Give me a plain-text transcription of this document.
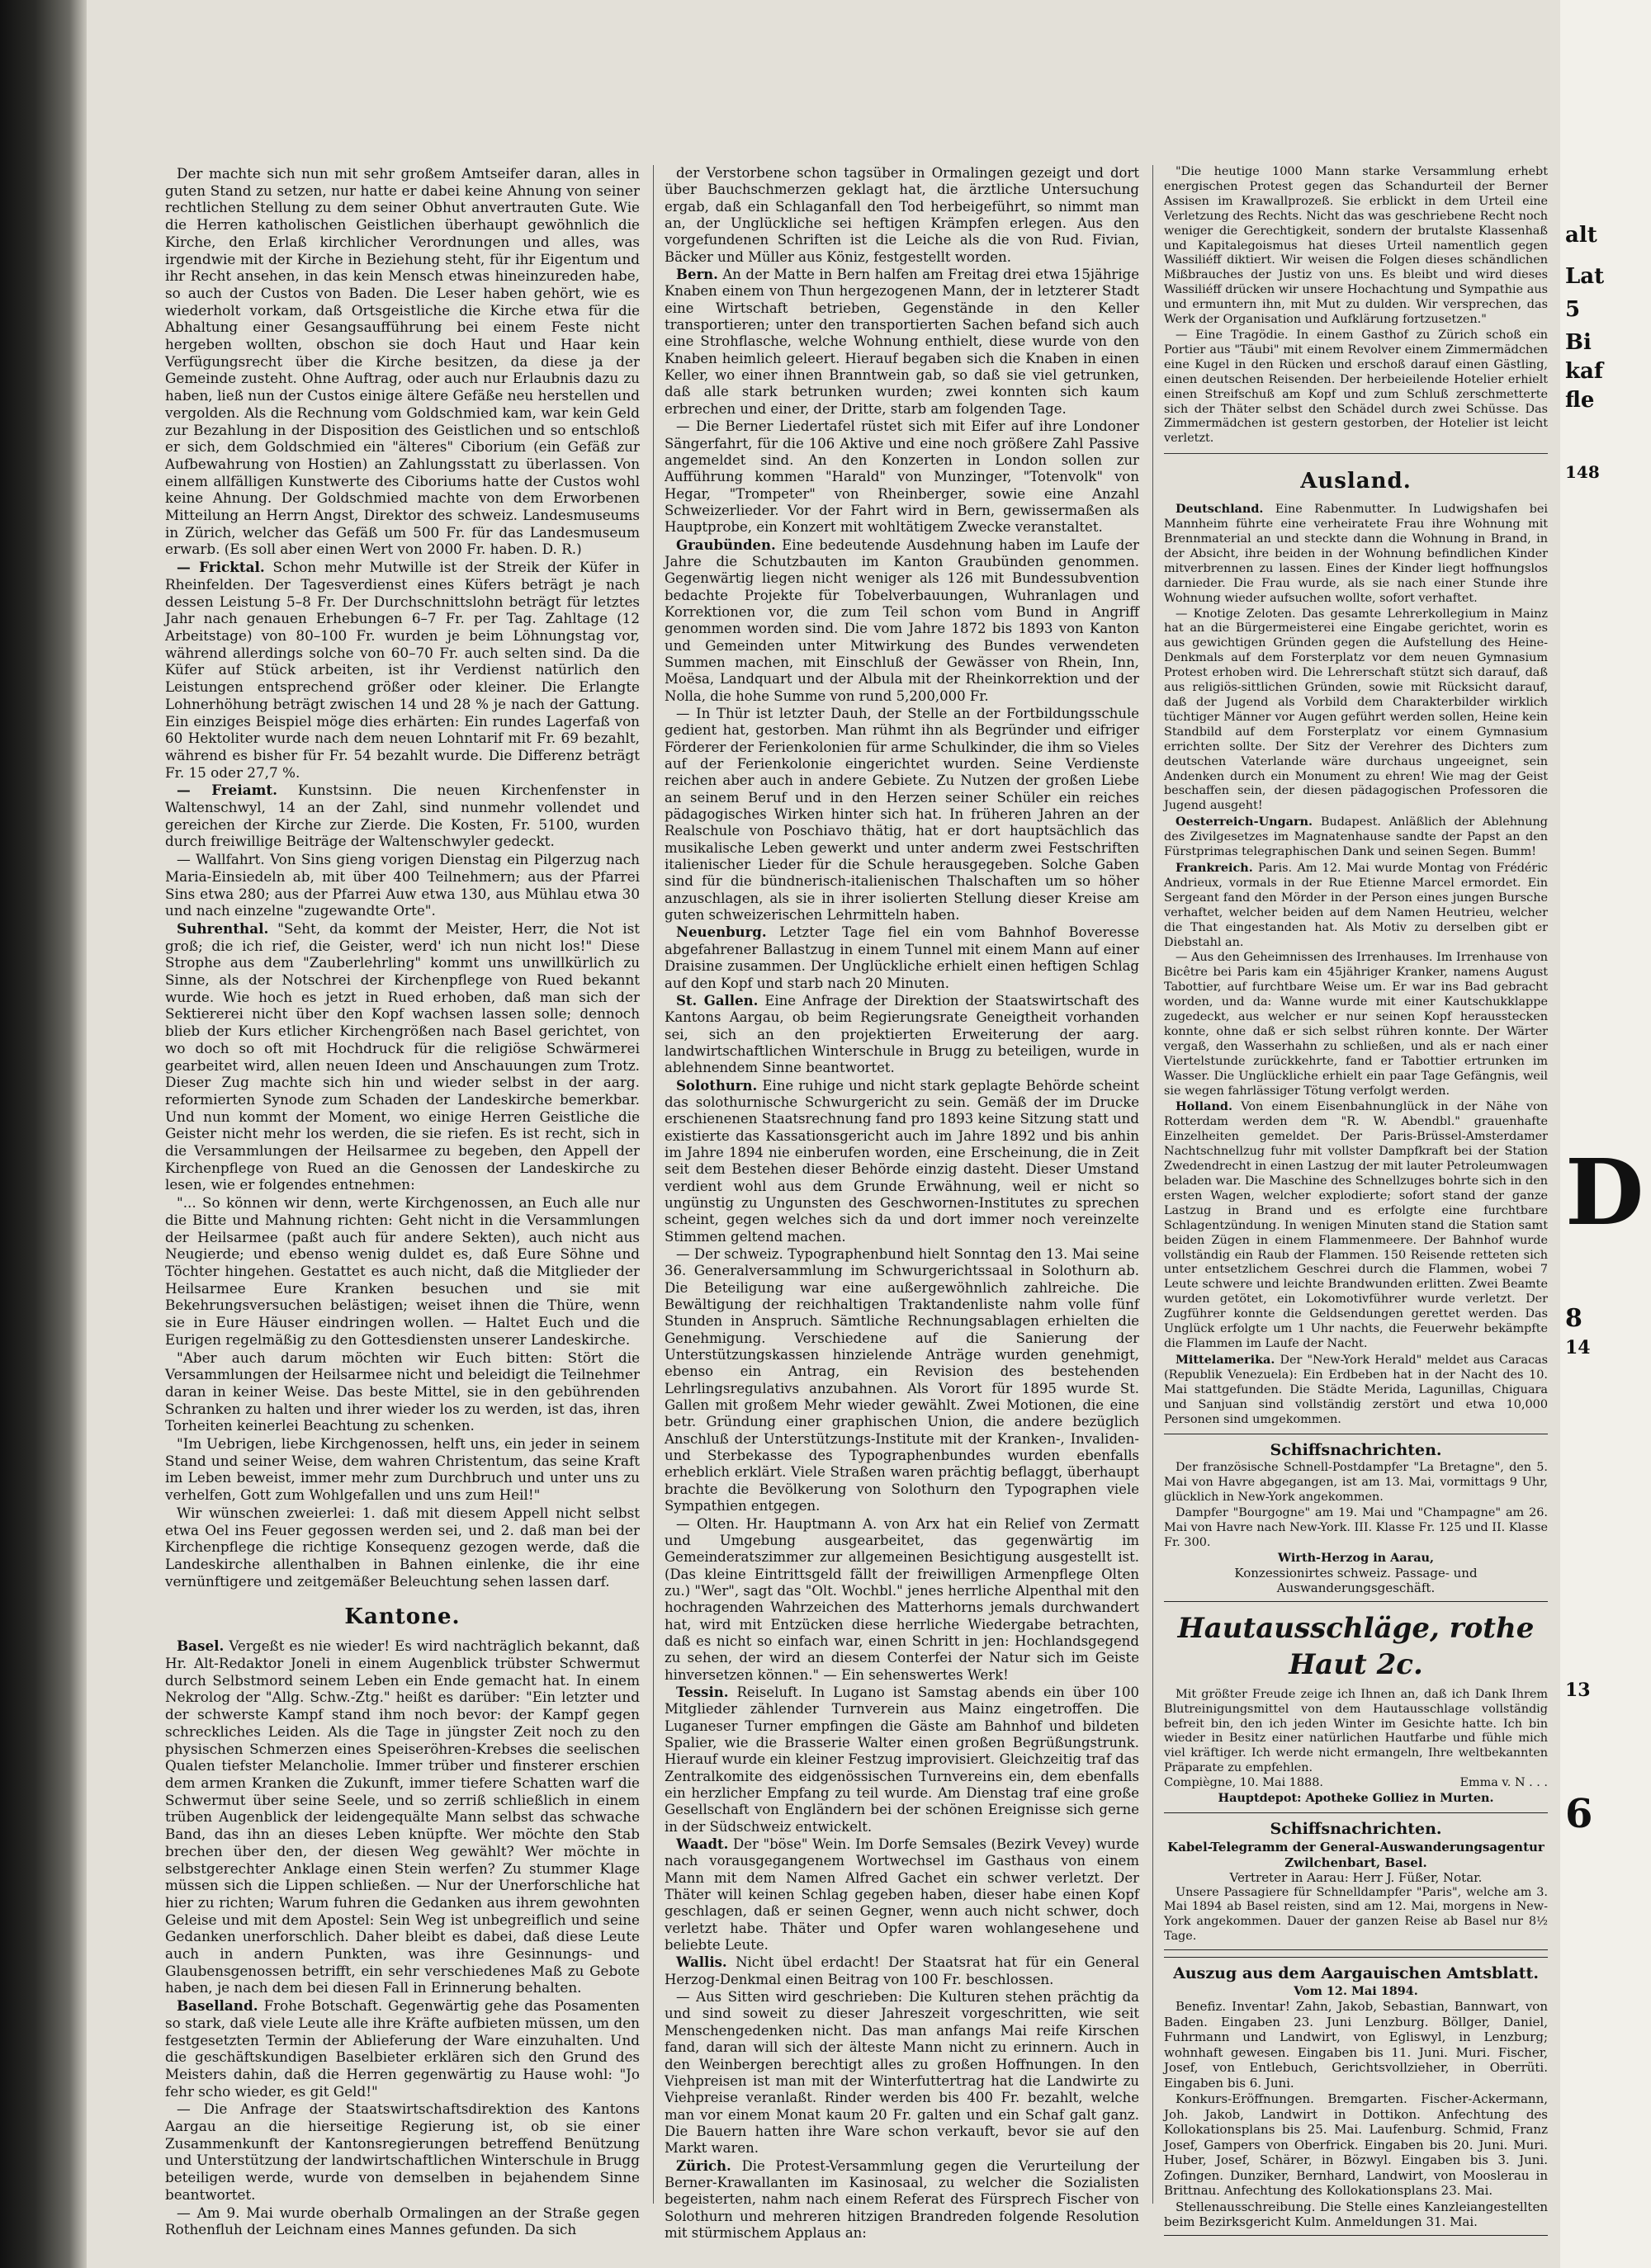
Der machte sich nun mit sehr großem Amtseifer daran, alles in guten Stand zu setzen, nur hatte er dabei keine Ahnung von seiner rechtlichen Stellung zu dem seiner Obhut anvertrauten Gute. Wie die Herren katholischen Geistlichen überhaupt gewöhnlich die Kirche, den Erlaß kirchlicher Verordnungen und alles, was irgendwie mit der Kirche in Beziehung steht, für ihr Eigentum und ihr Recht ansehen, in das kein Mensch etwas hineinzureden habe, so auch der Custos von Baden. Die Leser haben gehört, wie es wiederholt vorkam, daß Ortsgeistliche die Kirche etwa für die Abhaltung einer Gesangsaufführung bei einem Feste nicht hergeben wollten, obschon sie doch Haut und Haar kein Verfügungsrecht über die Kirche besitzen, da diese ja der Gemeinde zusteht. Ohne Auftrag, oder auch nur Erlaubnis dazu zu haben, ließ nun der Custos einige ältere Gefäße neu herstellen und vergolden. Als die Rechnung vom Goldschmied kam, war kein Geld zur Bezahlung in der Disposition des Geistlichen und so entschloß er sich, dem Goldschmied ein "älteres" Ciborium (ein Gefäß zur Aufbewahrung von Hostien) an Zahlungsstatt zu überlassen. Von einem allfälligen Kunstwerte des Ciboriums hatte der Custos wohl keine Ahnung. Der Goldschmied machte von dem Erworbenen Mitteilung an Herrn Angst, Direktor des schweiz. Landesmuseums in Zürich, welcher das Gefäß um 500 Fr. für das Landesmuseum erwarb. (Es soll aber einen Wert von 2000 Fr. haben. D. R.)

— Fricktal. Schon mehr Mutwille ist der Streik der Küfer in Rheinfelden. Der Tagesverdienst eines Küfers beträgt je nach dessen Leistung 5–8 Fr. Der Durchschnittslohn beträgt für letztes Jahr nach genauen Erhebungen 6–7 Fr. per Tag. Zahltage (12 Arbeitstage) von 80–100 Fr. wurden je beim Löhnungstag vor, während allerdings solche von 60–70 Fr. auch selten sind. Da die Küfer auf Stück arbeiten, ist ihr Verdienst natürlich den Leistungen entsprechend größer oder kleiner. Die Erlangte Lohnerhöhung beträgt zwischen 14 und 28 % je nach der Gattung. Ein einziges Beispiel möge dies erhärten: Ein rundes Lagerfaß von 60 Hektoliter wurde nach dem neuen Lohntarif mit Fr. 69 bezahlt, während es bisher für Fr. 54 bezahlt wurde. Die Differenz beträgt Fr. 15 oder 27,7 %.

— Freiamt. Kunstsinn. Die neuen Kirchenfenster in Waltenschwyl, 14 an der Zahl, sind nunmehr vollendet und gereichen der Kirche zur Zierde. Die Kosten, Fr. 5100, wurden durch freiwillige Beiträge der Waltenschwyler gedeckt.

— Wallfahrt. Von Sins gieng vorigen Dienstag ein Pilgerzug nach Maria-Einsiedeln ab, mit über 400 Teilnehmern; aus der Pfarrei Sins etwa 280; aus der Pfarrei Auw etwa 130, aus Mühlau etwa 30 und nach einzelne "zugewandte Orte".

Suhrenthal. "Seht, da kommt der Meister, Herr, die Not ist groß; die ich rief, die Geister, werd' ich nun nicht los!" Diese Strophe aus dem "Zauberlehrling" kommt uns unwillkürlich zu Sinne, als der Notschrei der Kirchenpflege von Rued bekannt wurde. Wie hoch es jetzt in Rued erhoben, daß man sich der Sektiererei nicht über den Kopf wachsen lassen solle; dennoch blieb der Kurs etlicher Kirchengrößen nach Basel gerichtet, von wo doch so oft mit Hochdruck für die religiöse Schwärmerei gearbeitet wird, allen neuen Ideen und Anschauungen zum Trotz. Dieser Zug machte sich hin und wieder selbst in der aarg. reformierten Synode zum Schaden der Landeskirche bemerkbar. Und nun kommt der Moment, wo einige Herren Geistliche die Geister nicht mehr los werden, die sie riefen. Es ist recht, sich in die Versammlungen der Heilsarmee zu begeben, den Appell der Kirchenpflege von Rued an die Genossen der Landeskirche zu lesen, wie er folgendes entnehmen:

"... So können wir denn, werte Kirchgenossen, an Euch alle nur die Bitte und Mahnung richten: Geht nicht in die Versammlungen der Heilsarmee (paßt auch für andere Sekten), auch nicht aus Neugierde; und ebenso wenig duldet es, daß Eure Söhne und Töchter hingehen. Gestattet es auch nicht, daß die Mitglieder der Heilsarmee Eure Kranken besuchen und sie mit Bekehrungsversuchen belästigen; weiset ihnen die Thüre, wenn sie in Eure Häuser eindringen wollen. — Haltet Euch und die Eurigen regelmäßig zu den Gottesdiensten unserer Landeskirche.

"Aber auch darum möchten wir Euch bitten: Stört die Versammlungen der Heilsarmee nicht und beleidigt die Teilnehmer daran in keiner Weise. Das beste Mittel, sie in den gebührenden Schranken zu halten und ihrer wieder los zu werden, ist das, ihren Torheiten keinerlei Beachtung zu schenken.

"Im Uebrigen, liebe Kirchgenossen, helft uns, ein jeder in seinem Stand und seiner Weise, dem wahren Christentum, das seine Kraft im Leben beweist, immer mehr zum Durchbruch und unter uns zu verhelfen, Gott zum Wohlgefallen und uns zum Heil!"

Wir wünschen zweierlei: 1. daß mit diesem Appell nicht selbst etwa Oel ins Feuer gegossen werden sei, und 2. daß man bei der Kirchenpflege die richtige Konsequenz gezogen werde, daß die Landeskirche allenthalben in Bahnen einlenke, die ihr eine vernünftigere und zeitgemäßer Beleuchtung sehen lassen darf.

Kantone.

Basel. Vergeßt es nie wieder! Es wird nachträglich bekannt, daß Hr. Alt-Redaktor Joneli in einem Augenblick trübster Schwermut durch Selbstmord seinem Leben ein Ende gemacht hat. In einem Nekrolog der "Allg. Schw.-Ztg." heißt es darüber: "Ein letzter und der schwerste Kampf stand ihm noch bevor: der Kampf gegen schreckliches Leiden. Als die Tage in jüngster Zeit noch zu den physischen Schmerzen eines Speiseröhren-Krebses die seelischen Qualen tiefster Melancholie. Immer trüber und finsterer erschien dem armen Kranken die Zukunft, immer tiefere Schatten warf die Schwermut über seine Seele, und so zerriß schließlich in einem trüben Augenblick der leidengequälte Mann selbst das schwache Band, das ihn an dieses Leben knüpfte. Wer möchte den Stab brechen über den, der diesen Weg gewählt? Wer möchte in selbstgerechter Anklage einen Stein werfen? Zu stummer Klage müssen sich die Lippen schließen. — Nur der Unerforschliche hat hier zu richten; Warum fuhren die Gedanken aus ihrem gewohnten Geleise und mit dem Apostel: Sein Weg ist unbegreiflich und seine Gedanken unerforschlich. Daher bleibt es dabei, daß diese Leute auch in andern Punkten, was ihre Gesinnungs- und Glaubensgenossen betrifft, ein sehr verschiedenes Maß zu Gebote haben, je nach dem bei diesen Fall in Erinnerung behalten.

Baselland. Frohe Botschaft. Gegenwärtig gehe das Posamenten so stark, daß viele Leute alle ihre Kräfte aufbieten müssen, um den festgesetzten Termin der Ablieferung der Ware einzuhalten. Und die geschäftskundigen Baselbieter erklären sich den Grund des Meisters dahin, daß die Herren gegenwärtig zu Hause wohl: "Jo fehr scho wieder, es git Geld!"

— Die Anfrage der Staatswirtschaftsdirektion des Kantons Aargau an die hierseitige Regierung ist, ob sie einer Zusammenkunft der Kantonsregierungen betreffend Benützung und Unterstützung der landwirtschaftlichen Winterschule in Brugg beteiligen werde, wurde von demselben in bejahendem Sinne beantwortet.

— Am 9. Mai wurde oberhalb Ormalingen an der Straße gegen Rothenfluh der Leichnam eines Mannes gefunden. Da sich

der Verstorbene schon tagsüber in Ormalingen gezeigt und dort über Bauchschmerzen geklagt hat, die ärztliche Untersuchung ergab, daß ein Schlaganfall den Tod herbeigeführt, so nimmt man an, der Unglückliche sei heftigen Krämpfen erlegen. Aus den vorgefundenen Schriften ist die Leiche als die von Rud. Fivian, Bäcker und Müller aus Köniz, festgestellt worden.

Bern. An der Matte in Bern halfen am Freitag drei etwa 15jährige Knaben einem von Thun hergezogenen Mann, der in letzterer Stadt eine Wirtschaft betrieben, Gegenstände in den Keller transportieren; unter den transportierten Sachen befand sich auch eine Strohflasche, welche Wohnung enthielt, diese wurde von den Knaben heimlich geleert. Hierauf begaben sich die Knaben in einen Keller, wo einer ihnen Branntwein gab, so daß sie viel getrunken, daß alle stark betrunken wurden; zwei konnten sich kaum erbrechen und einer, der Dritte, starb am folgenden Tage.

— Die Berner Liedertafel rüstet sich mit Eifer auf ihre Londoner Sängerfahrt, für die 106 Aktive und eine noch größere Zahl Passive angemeldet sind. An den Konzerten in London sollen zur Aufführung kommen "Harald" von Munzinger, "Totenvolk" von Hegar, "Trompeter" von Rheinberger, sowie eine Anzahl Schweizerlieder. Vor der Fahrt wird in Bern, gewissermaßen als Hauptprobe, ein Konzert mit wohltätigem Zwecke veranstaltet.

Graubünden. Eine bedeutende Ausdehnung haben im Laufe der Jahre die Schutzbauten im Kanton Graubünden genommen. Gegenwärtig liegen nicht weniger als 126 mit Bundessubvention bedachte Projekte für Tobelverbauungen, Wuhranlagen und Korrektionen vor, die zum Teil schon vom Bund in Angriff genommen worden sind. Die vom Jahre 1872 bis 1893 von Kanton und Gemeinden unter Mitwirkung des Bundes verwendeten Summen machen, mit Einschluß der Gewässer von Rhein, Inn, Moësa, Landquart und der Albula mit der Rheinkorrektion und der Nolla, die hohe Summe von rund 5,200,000 Fr.

— In Thür ist letzter Dauh, der Stelle an der Fortbildungsschule gedient hat, gestorben. Man rühmt ihn als Begründer und eifriger Förderer der Ferienkolonien für arme Schulkinder, die ihm so Vieles auf der Ferienkolonie eingerichtet wurden. Seine Verdienste reichen aber auch in andere Gebiete. Zu Nutzen der großen Liebe an seinem Beruf und in den Herzen seiner Schüler ein reiches pädagogisches Wirken hinter sich hat. In früheren Jahren an der Realschule von Poschiavo thätig, hat er dort hauptsächlich das musikalische Leben gewerkt und unter anderm zwei Festschriften italienischer Lieder für die Schule herausgegeben. Solche Gaben sind für die bündnerisch-italienischen Thalschaften um so höher anzuschlagen, als sie in ihrer isolierten Stellung dieser Kreise am guten schweizerischen Lehrmitteln haben.

Neuenburg. Letzter Tage fiel ein vom Bahnhof Boveresse abgefahrener Ballastzug in einem Tunnel mit einem Mann auf einer Draisine zusammen. Der Unglückliche erhielt einen heftigen Schlag auf den Kopf und starb nach 20 Minuten.

St. Gallen. Eine Anfrage der Direktion der Staatswirtschaft des Kantons Aargau, ob beim Regierungsrate Geneigtheit vorhanden sei, sich an den projektierten Erweiterung der aarg. landwirtschaftlichen Winterschule in Brugg zu beteiligen, wurde in ablehnendem Sinne beantwortet.

Solothurn. Eine ruhige und nicht stark geplagte Behörde scheint das solothurnische Schwurgericht zu sein. Gemäß der im Drucke erschienenen Staatsrechnung fand pro 1893 keine Sitzung statt und existierte das Kassationsgericht auch im Jahre 1892 und bis anhin im Jahre 1894 nie einberufen worden, eine Erscheinung, die in Zeit seit dem Bestehen dieser Behörde einzig dasteht. Dieser Umstand verdient wohl aus dem Grunde Erwähnung, weil er nicht so ungünstig zu Ungunsten des Geschwornen-Institutes zu sprechen scheint, gegen welches sich da und dort immer noch vereinzelte Stimmen geltend machen.

— Der schweiz. Typographenbund hielt Sonntag den 13. Mai seine 36. Generalversammlung im Schwurgerichtssaal in Solothurn ab. Die Beteiligung war eine außergewöhnlich zahlreiche. Die Bewältigung der reichhaltigen Traktandenliste nahm volle fünf Stunden in Anspruch. Sämtliche Rechnungsablagen erhielten die Genehmigung. Verschiedene auf die Sanierung der Unterstützungskassen hinzielende Anträge wurden genehmigt, ebenso ein Antrag, ein Revision des bestehenden Lehrlingsregulativs anzubahnen. Als Vorort für 1895 wurde St. Gallen mit großem Mehr wieder gewählt. Zwei Motionen, die eine betr. Gründung einer graphischen Union, die andere bezüglich Anschluß der Unterstützungs-Institute mit der Kranken-, Invaliden- und Sterbekasse des Typographenbundes wurden ebenfalls erheblich erklärt. Viele Straßen waren prächtig beflaggt, überhaupt brachte die Bevölkerung von Solothurn den Typographen viele Sympathien entgegen.

— Olten. Hr. Hauptmann A. von Arx hat ein Relief von Zermatt und Umgebung ausgearbeitet, das gegenwärtig im Gemeinderatszimmer zur allgemeinen Besichtigung ausgestellt ist. (Das kleine Eintrittsgeld fällt der freiwilligen Armenpflege Olten zu.) "Wer", sagt das "Olt. Wochbl." jenes herrliche Alpenthal mit den hochragenden Wahrzeichen des Matterhorns jemals durchwandert hat, wird mit Entzücken diese herrliche Wiedergabe betrachten, daß es nicht so einfach war, einen Schritt in jen: Hochlandsgegend zu sehen, der wird an diesem Conterfei der Natur sich im Geiste hinversetzen können." — Ein sehenswertes Werk!

Tessin. Reiseluft. In Lugano ist Samstag abends ein über 100 Mitglieder zählender Turnverein aus Mainz eingetroffen. Die Luganeser Turner empfingen die Gäste am Bahnhof und bildeten Spalier, wie die Brasserie Walter einen großen Begrüßungstrunk. Hierauf wurde ein kleiner Festzug improvisiert. Gleichzeitig traf das Zentralkomite des eidgenössischen Turnvereins ein, dem ebenfalls ein herzlicher Empfang zu teil wurde. Am Dienstag traf eine große Gesellschaft von Engländern bei der schönen Ereignisse sich gerne in der Südschweiz entwickelt.

Waadt. Der "böse" Wein. Im Dorfe Semsales (Bezirk Vevey) wurde nach vorausgegangenem Wortwechsel im Gasthaus von einem Mann mit dem Namen Alfred Gachet ein schwer verletzt. Der Thäter will keinen Schlag gegeben haben, dieser habe einen Kopf geschlagen, daß er seinen Gegner, wenn auch nicht schwer, doch verletzt habe. Thäter und Opfer waren wohlangesehene und beliebte Leute.

Wallis. Nicht übel erdacht! Der Staatsrat hat für ein General Herzog-Denkmal einen Beitrag von 100 Fr. beschlossen.

— Aus Sitten wird geschrieben: Die Kulturen stehen prächtig da und sind soweit zu dieser Jahreszeit vorgeschritten, wie seit Menschengedenken nicht. Das man anfangs Mai reife Kirschen fand, daran will sich der älteste Mann nicht zu erinnern. Auch in den Weinbergen berechtigt alles zu großen Hoffnungen. In den Viehpreisen ist man mit der Winterfuttertrag hat die Landwirte zu Viehpreise veranlaßt. Rinder werden bis 400 Fr. bezahlt, welche man vor einem Monat kaum 20 Fr. galten und ein Schaf galt ganz. Die Bauern hatten ihre Ware schon verkauft, bevor sie auf den Markt waren.

Zürich. Die Protest-Versammlung gegen die Verurteilung der Berner-Krawallanten im Kasinosaal, zu welcher die Sozialisten begeisterten, nahm nach einem Referat des Fürsprech Fischer von Solothurn und mehreren hitzigen Brandreden folgende Resolution mit stürmischem Applaus an:

"Die heutige 1000 Mann starke Versammlung erhebt energischen Protest gegen das Schandurteil der Berner Assisen im Krawallprozeß. Sie erblickt in dem Urteil eine Verletzung des Rechts. Nicht das was geschriebene Recht noch weniger die Gerechtigkeit, sondern der brutalste Klassenhaß und Kapitalegoismus hat dieses Urteil namentlich gegen Wassiliéff diktiert. Wir weisen die Folgen dieses schändlichen Mißbrauches der Justiz von uns. Es bleibt und wird dieses Wassiliéff drücken wir unsere Hochachtung und Sympathie aus und ermuntern ihn, mit Mut zu dulden. Wir versprechen, das Werk der Organisation und Aufklärung fortzusetzen."

— Eine Tragödie. In einem Gasthof zu Zürich schoß ein Portier aus "Täubi" mit einem Revolver einem Zimmermädchen eine Kugel in den Rücken und erschoß darauf einen Gästling, einen deutschen Reisenden. Der herbeieilende Hotelier erhielt einen Streifschuß am Kopf und zum Schluß zerschmetterte sich der Thäter selbst den Schädel durch zwei Schüsse. Das Zimmermädchen ist gestern gestorben, der Hotelier ist leicht verletzt.

Ausland.

Deutschland. Eine Rabenmutter. In Ludwigshafen bei Mannheim führte eine verheiratete Frau ihre Wohnung mit Brennmaterial an und steckte dann die Wohnung in Brand, in der Absicht, ihre beiden in der Wohnung befindlichen Kinder mitverbrennen zu lassen. Eines der Kinder liegt hoffnungslos darnieder. Die Frau wurde, als sie nach einer Stunde ihre Wohnung wieder aufsuchen wollte, sofort verhaftet.

— Knotige Zeloten. Das gesamte Lehrerkollegium in Mainz hat an die Bürgermeisterei eine Eingabe gerichtet, worin es aus gewichtigen Gründen gegen die Aufstellung des Heine-Denkmals auf dem Forsterplatz vor dem neuen Gymnasium Protest erhoben wird. Die Lehrerschaft stützt sich darauf, daß aus religiös-sittlichen Gründen, sowie mit Rücksicht darauf, daß der Jugend als Vorbild dem Charakterbilder wirklich tüchtiger Männer vor Augen geführt werden sollen, Heine kein Standbild auf dem Forsterplatz vor einem Gymnasium errichten sollte. Der Sitz der Verehrer des Dichters zum deutschen Vaterlande wäre durchaus ungeeignet, sein Andenken durch ein Monument zu ehren! Wie mag der Geist beschaffen sein, der diesen pädagogischen Professoren die Jugend ausgeht!

Oesterreich-Ungarn. Budapest. Anläßlich der Ablehnung des Zivilgesetzes im Magnatenhause sandte der Papst an den Fürstprimas telegraphischen Dank und seinen Segen. Bumm!

Frankreich. Paris. Am 12. Mai wurde Montag von Frédéric Andrieux, vormals in der Rue Etienne Marcel ermordet. Ein Sergeant fand den Mörder in der Person eines jungen Bursche verhaftet, welcher beiden auf dem Namen Heutrieu, welcher die That eingestanden hat. Als Motiv zu derselben gibt er Diebstahl an.

— Aus den Geheimnissen des Irrenhauses. Im Irrenhause von Bicêtre bei Paris kam ein 45jähriger Kranker, namens August Tabottier, auf furchtbare Weise um. Er war ins Bad gebracht worden, und da: Wanne wurde mit einer Kautschukklappe zugedeckt, aus welcher er nur seinen Kopf herausstecken konnte, ohne daß er sich selbst rühren konnte. Der Wärter vergaß, den Wasserhahn zu schließen, und als er nach einer Viertelstunde zurückkehrte, fand er Tabottier ertrunken im Wasser. Die Unglückliche erhielt ein paar Tage Gefängnis, weil sie wegen fahrlässiger Tötung verfolgt werden.

Holland. Von einem Eisenbahnunglück in der Nähe von Rotterdam werden dem "R. W. Abendbl." grauenhafte Einzelheiten gemeldet. Der Paris-Brüssel-Amsterdamer Nachtschnellzug fuhr mit vollster Dampfkraft bei der Station Zwedendrecht in einen Lastzug der mit lauter Petroleumwagen beladen war. Die Maschine des Schnellzuges bohrte sich in den ersten Wagen, welcher explodierte; sofort stand der ganze Lastzug in Brand und es erfolgte eine furchtbare Schlagentzündung. In wenigen Minuten stand die Station samt beiden Zügen in einem Flammenmeere. Der Bahnhof wurde vollständig ein Raub der Flammen. 150 Reisende retteten sich unter entsetzlichem Geschrei durch die Flammen, wobei 7 Leute schwere und leichte Brandwunden erlitten. Zwei Beamte wurden getötet, ein Lokomotivführer wurde verletzt. Der Zugführer konnte die Geldsendungen gerettet werden. Das Unglück erfolgte um 1 Uhr nachts, die Feuerwehr bekämpfte die Flammen im Laufe der Nacht.

Mittelamerika. Der "New-York Herald" meldet aus Caracas (Republik Venezuela): Ein Erdbeben hat in der Nacht des 10. Mai stattgefunden. Die Städte Merida, Lagunillas, Chiguara und Sanjuan sind vollständig zerstört und etwa 10,000 Personen sind umgekommen.

Schiffsnachrichten.

Der französische Schnell-Postdampfer "La Bretagne", den 5. Mai von Havre abgegangen, ist am 13. Mai, vormittags 9 Uhr, glücklich in New-York angekommen.

Dampfer "Bourgogne" am 19. Mai und "Champagne" am 26. Mai von Havre nach New-York. III. Klasse Fr. 125 und II. Klasse Fr. 300.

Wirth-Herzog in Aarau,
Konzessionirtes schweiz. Passage- und Auswanderungsgeschäft.
Hautausschläge, rothe Haut 2c.

Mit größter Freude zeige ich Ihnen an, daß ich Dank Ihrem Blutreinigungsmittel von dem Hautausschlage vollständig befreit bin, den ich jeden Winter im Gesichte hatte. Ich bin wieder in Besitz einer natürlichen Hautfarbe und fühle mich viel kräftiger. Ich werde nicht ermangeln, Ihre weltbekannten Präparate zu empfehlen.

Compiègne, 10. Mai 1888.	Emma v. N . . .
Hauptdepot: Apotheke Golliez in Murten.
Schiffsnachrichten.
Kabel-Telegramm der General-Auswanderungsagentur Zwilchenbart, Basel.
Vertreter in Aarau: Herr J. Füßer, Notar.

Unsere Passagiere für Schnelldampfer "Paris", welche am 3. Mai 1894 ab Basel reisten, sind am 12. Mai, morgens in New-York angekommen. Dauer der ganzen Reise ab Basel nur 8½ Tage.

Auszug aus dem Aargauischen Amtsblatt.
Vom 12. Mai 1894.

Benefiz. Inventar! Zahn, Jakob, Sebastian, Bannwart, von Baden. Eingaben 23. Juni Lenzburg. Böllger, Daniel, Fuhrmann und Landwirt, von Egliswyl, in Lenzburg; wohnhaft gewesen. Eingaben bis 11. Juni. Muri. Fischer, Josef, von Entlebuch, Gerichtsvollzieher, in Oberrüti. Eingaben bis 6. Juni.

Konkurs-Eröffnungen. Bremgarten. Fischer-Ackermann, Joh. Jakob, Landwirt in Dottikon. Anfechtung des Kollokationsplans bis 25. Mai. Laufenburg. Schmid, Franz Josef, Gampers von Oberfrick. Eingaben bis 20. Juni. Muri. Huber, Josef, Schärer, in Bözwyl. Eingaben bis 3. Juni. Zofingen. Dunziker, Bernhard, Landwirt, von Mooslerau in Brittnau. Anfechtung des Kollokationsplans 23. Mai.

Stellenausschreibung. Die Stelle eines Kanzleiangestellten beim Bezirksgericht Kulm. Anmeldungen 31. Mai.

alt
Lat
5
Bi
kaf
fle
148
D
8
14
13
6
